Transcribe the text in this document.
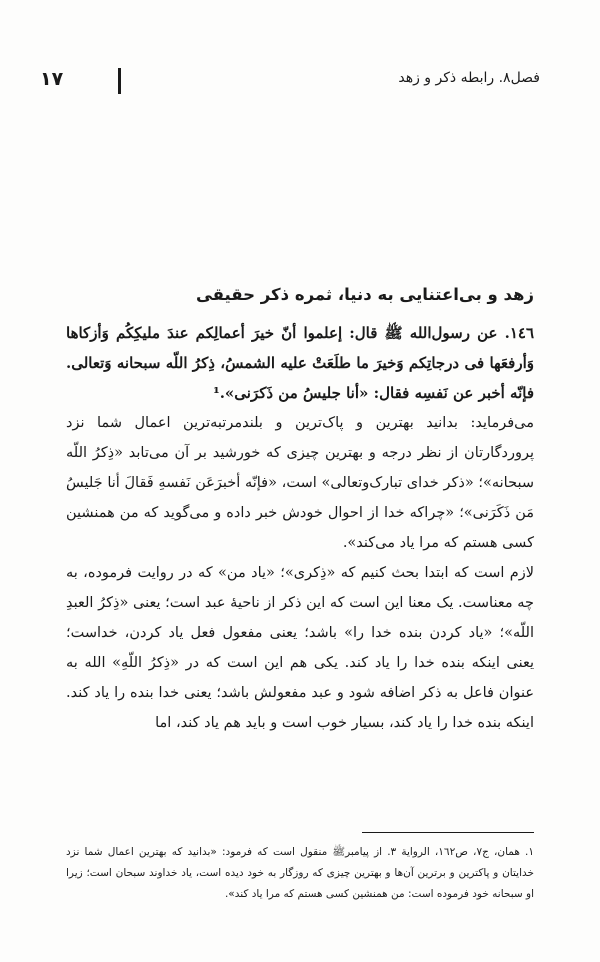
فصل۸. رابطه ذکر و زهد
۱۷
زهد و بی‌اعتنایی به دنیا، ثمره ذکر حقیقی

۱٤٦. عن رسول‌الله ﷺ قال: إعلموا أنّ خیرَ أعمالِکم عندَ ملیکِکُم وَأزکاها وَأرفعَها فی درجاتِکم وَخیرَ ما طلَعَتْ علیه الشمسُ، ذِکرُ اللّه سبحانه وَتعالی. فإنّه أخبر عن نَفسِه فقال: «أنا جلیسُ من ذَکرَنی».¹

می‌فرماید: بدانید بهترین و پاک‌ترین و بلندمرتبه‌ترین اعمال شما نزد پروردگارتان از نظر درجه و بهترین چیزی که خورشید بر آن می‌تابد «ذِکرُ اللّه سبحانه»؛ «ذکر خدای تبارک‌وتعالی» است، «فإنّه أخبرَعَن نَفسهِ فَقالَ أنا جَلیسُ مَن ذَکَرَنی»؛ «چراکه خدا از احوال خودش خبر داده و می‌گوید که من همنشین کسی هستم که مرا یاد می‌کند».

لازم است که ابتدا بحث کنیم که «ذِکری»؛ «یاد من» که در روایت فرموده، به چه معناست. یک معنا این است که این ذکر از ناحیهٔ عبد است؛ یعنی «ذِکرُ العبدِ اللّه»؛ «یاد کردن بنده خدا را» باشد؛ یعنی مفعول فعل یاد کردن، خداست؛ یعنی اینکه بنده خدا را یاد کند. یکی هم این است که در «ذِکرُ اللّهِ» الله به عنوان فاعل به ذکر اضافه شود و عبد مفعولش باشد؛ یعنی خدا بنده را یاد کند. اینکه بنده خدا را یاد کند، بسیار خوب است و باید هم یاد کند، اما

۱. همان، ج۷، ص۱٦۲، الروایة ۳. از پیامبرﷺ منقول است که فرمود: «بدانید که بهترین اعمال شما نزد خدایتان و پاکترین و برترین آن‌ها و بهترین چیزی که روزگار به خود دیده است، یاد خداوند سبحان است؛ زیرا او سبحانه خود فرموده است: من همنشین کسی هستم که مرا یاد کند».
